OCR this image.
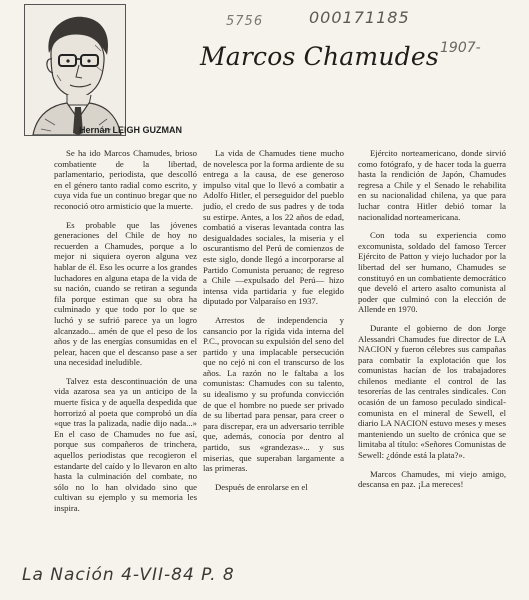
5756	000171185
1907-
Marcos Chamudes
Hernán LEIGH GUZMAN

Se ha ido Marcos Chamudes, brioso combatiente de la libertad, parlamentario, periodista, que descolló en el género tanto radial como escrito, y cuya vida fue un continuo bregar que no reconoció otro armisticio que la muerte.

Es probable que las jóvenes generaciones del Chile de hoy no recuerden a Chamudes, porque a lo mejor ni siquiera oyeron alguna vez hablar de él. Eso les ocurre a los grandes luchadores en alguna etapa de la vida de su nación, cuando se retiran a segunda fila porque estiman que su obra ha culminado y que todo por lo que se luchó y se sufrió parece ya un logro alcanzado... amén de que el peso de los años y de las energías consumidas en el pelear, hacen que el descanso pase a ser una necesidad ineludible.

Talvez esta descontinuación de una vida azarosa sea ya un anticipo de la muerte física y de aquella despedida que horrorizó al poeta que comprobó un día «que tras la palizada, nadie dijo nada...» En el caso de Chamudes no fue así, porque sus compañeros de trinchera, aquellos periodistas que recogieron el estandarte del caído y lo llevaron en alto hasta la culminación del combate, no sólo no lo han olvidado sino que cultivan su ejemplo y su memoria les inspira.

La vida de Chamudes tiene mucho de novelesca por la forma ardiente de su entrega a la causa, de ese generoso impulso vital que lo llevó a combatir a Adolfo Hitler, el perseguidor del pueblo judío, el credo de sus padres y de toda su estirpe. Antes, a los 22 años de edad, combatió a viseras levantada contra las desigualdades sociales, la miseria y el oscurantismo del Perú de comienzos de este siglo, donde llegó a incorporarse al Partido Comunista peruano; de regreso a Chile —expulsado del Perú— hizo intensa vida partidaria y fue elegido diputado por Valparaíso en 1937.

Arrestos de independencia y cansancio por la rígida vida interna del P.C., provocan su expulsión del seno del partido y una implacable persecución que no cejó ni con el transcurso de los años. La razón no le faltaba a los comunistas: Chamudes con su talento, su idealismo y su profunda convicción de que el hombre no puede ser privado de su libertad para pensar, para creer o para discrepar, era un adversario terrible que, además, conocía por dentro al partido, sus «grandezas»... y sus miserias, que superaban largamente a las primeras.

Después de enrolarse en el

Ejército norteamericano, donde sirvió como fotógrafo, y de hacer toda la guerra hasta la rendición de Japón, Chamudes regresa a Chile y el Senado le rehabilita en su nacionalidad chilena, ya que para luchar contra Hitler debió tomar la nacionalidad norteamericana.

Con toda su experiencia como excomunista, soldado del famoso Tercer Ejército de Patton y viejo luchador por la libertad del ser humano, Chamudes se constituyó en un combatiente democrático que develó el artero asalto comunista al poder que culminó con la elección de Allende en 1970.

Durante el gobierno de don Jorge Alessandri Chamudes fue director de LA NACION y fueron célebres sus campañas para combatir la explotación que los comunistas hacían de los trabajadores chilenos mediante el control de las tesorerías de las centrales sindicales. Con ocasión de un famoso peculado sindical-comunista en el mineral de Sewell, el diario LA NACION estuvo meses y meses manteniendo un suelto de crónica que se limitaba al título: «Señores Comunistas de Sewell: ¿dónde está la plata?».

Marcos Chamudes, mi viejo amigo, descansa en paz. ¡La mereces!

La Nación 4-VII-84 P. 8
